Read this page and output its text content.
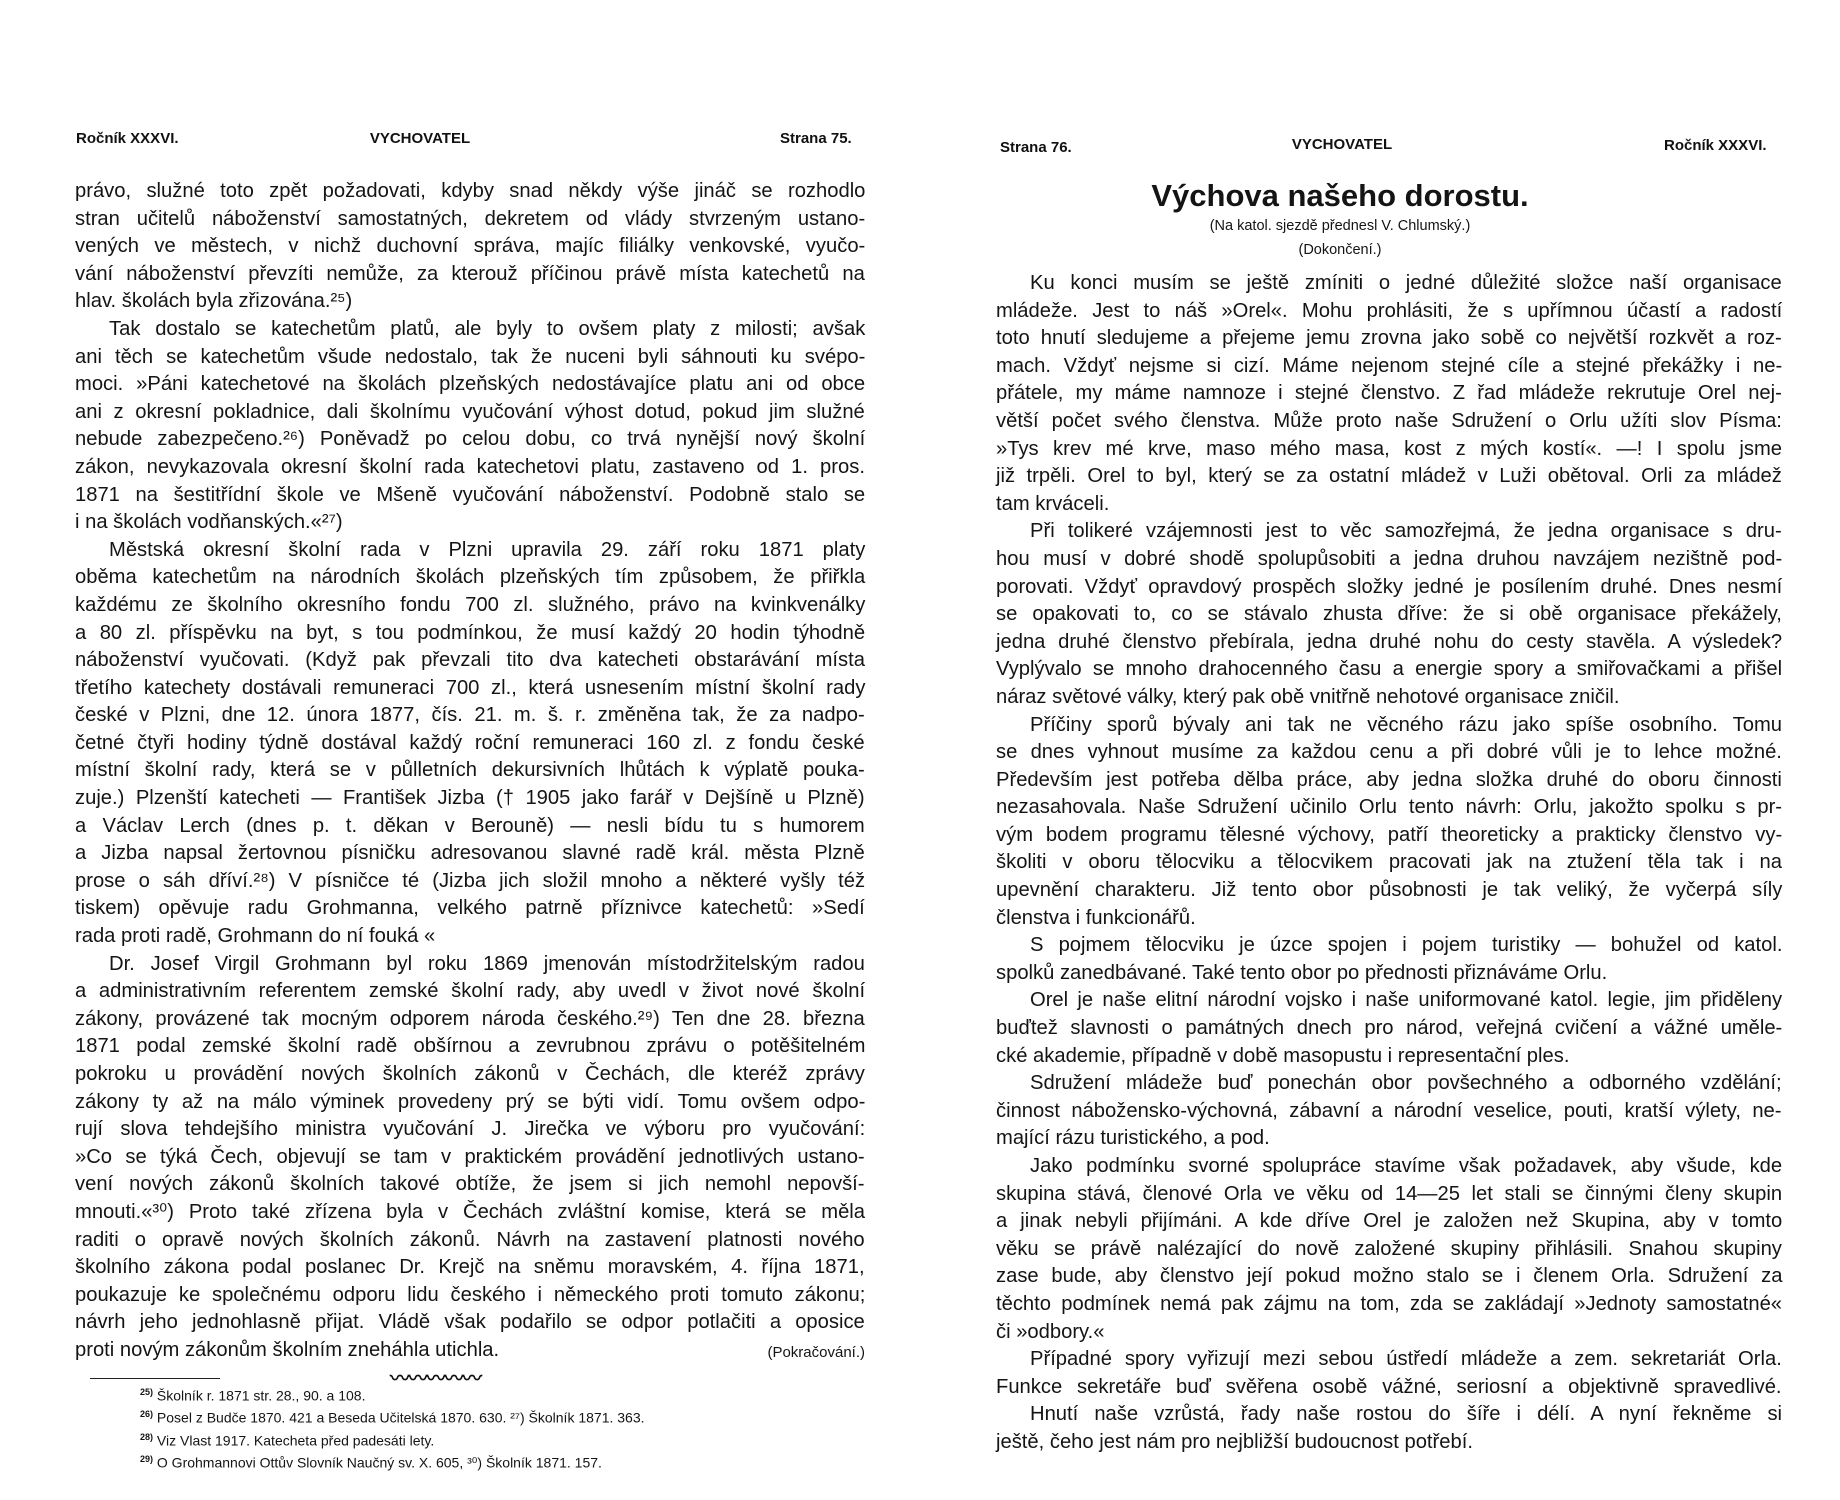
Ročník XXXVI.	VYCHOVATEL	Strana 75.
právo, služné toto zpět požadovati, kdyby snad někdy výše jináč se rozhodlo
stran učitelů náboženství samostatných, dekretem od vlády stvrzeným ustano-
vených ve městech, v nichž duchovní správa, majíc filiálky venkovské, vyučo-
vání náboženství převzíti nemůže, za kterouž příčinou právě místa katechetů na
hlav. školách byla zřizována.²⁵)
Tak dostalo se katechetům platů, ale byly to ovšem platy z milosti; avšak
ani těch se katechetům všude nedostalo, tak že nuceni byli sáhnouti ku svépo-
moci. »Páni katechetové na školách plzeňských nedostávajíce platu ani od obce
ani z okresní pokladnice, dali školnímu vyučování výhost dotud, pokud jim služné
nebude zabezpečeno.²⁶) Poněvadž po celou dobu, co trvá nynější nový školní
zákon, nevykazovala okresní školní rada katechetovi platu, zastaveno od 1. pros.
1871 na šestitřídní škole ve Mšeně vyučování náboženství. Podobně stalo se
i na školách vodňanských.«²⁷)
Městská okresní školní rada v Plzni upravila 29. září roku 1871 platy
oběma katechetům na národních školách plzeňských tím způsobem, že přiřkla
každému ze školního okresního fondu 700 zl. služného, právo na kvinkvenálky
a 80 zl. příspěvku na byt, s tou podmínkou, že musí každý 20 hodin týhodně
náboženství vyučovati. (Když pak převzali tito dva katecheti obstarávání místa
třetího katechety dostávali remuneraci 700 zl., která usnesením místní školní rady
české v Plzni, dne 12. února 1877, čís. 21. m. š. r. změněna tak, že za nadpo-
četné čtyři hodiny týdně dostával každý roční remuneraci 160 zl. z fondu české
místní školní rady, která se v půlletních dekursivních lhůtách k výplatě pouka-
zuje.) Plzenští katecheti — František Jizba († 1905 jako farář v Dejšíně u Plzně)
a Václav Lerch (dnes p. t. děkan v Berouně) — nesli bídu tu s humorem
a Jizba napsal žertovnou písničku adresovanou slavné radě král. města Plzně
prose o sáh dříví.²⁸) V písničce té (Jizba jich složil mnoho a některé vyšly též
tiskem) opěvuje radu Grohmanna, velkého patrně příznivce katechetů: »Sedí
rada proti radě, Grohmann do ní fouká «
Dr. Josef Virgil Grohmann byl roku 1869 jmenován místodržitelským radou
a administrativním referentem zemské školní rady, aby uvedl v život nové školní
zákony, provázené tak mocným odporem národa českého.²⁹) Ten dne 28. března
1871 podal zemské školní radě obšírnou a zevrubnou zprávu o potěšitelném
pokroku u provádění nových školních zákonů v Čechách, dle kteréž zprávy
zákony ty až na málo výminek provedeny prý se býti vidí. Tomu ovšem odpo-
rují slova tehdejšího ministra vyučování J. Jirečka ve výboru pro vyučování:
»Co se týká Čech, objevují se tam v praktickém provádění jednotlivých ustano-
vení nových zákonů školních takové obtíže, že jsem si jich nemohl nepovší-
mnouti.«³⁰) Proto také zřízena byla v Čechách zvláštní komise, která se měla
raditi o opravě nových školních zákonů. Návrh na zastavení platnosti nového
školního zákona podal poslanec Dr. Krejč na sněmu moravském, 4. října 1871,
poukazuje ke společnému odporu lidu českého i německého proti tomuto zákonu;
návrh jeho jednohlasně přijat. Vládě však podařilo se odpor potlačiti a oposice
proti novým zákonům školním zneháhla utichla.	(Pokračování.)
〰〰〰〰〰
$^{25)}$ Školník r. 1871 str. 28., 90. a 108.
$^{26)}$ Posel z Budče 1870. 421 a Beseda Učitelská 1870. 630. ²⁷) Školník 1871. 363.
$^{28)}$ Viz Vlast 1917. Katecheta před padesáti lety.
$^{29)}$ O Grohmannovi Ottův Slovník Naučný sv. X. 605, ³⁰) Školník 1871. 157.
Strana 76.	VYCHOVATEL	Ročník XXXVI.
Výchova našeho dorostu.
(Na katol. sjezdě přednesl V. Chlumský.)
(Dokončení.)
Ku konci musím se ještě zmíniti o jedné důležité složce naší organisace
mládeže. Jest to náš »Orel«. Mohu prohlásiti, že s upřímnou účastí a radostí
toto hnutí sledujeme a přejeme jemu zrovna jako sobě co největší rozkvět a roz-
mach. Vždyť nejsme si cizí. Máme nejenom stejné cíle a stejné překážky i ne-
přátele, my máme namnoze i stejné členstvo. Z řad mládeže rekrutuje Orel nej-
větší počet svého členstva. Může proto naše Sdružení o Orlu užíti slov Písma:
»Tys krev mé krve, maso mého masa, kost z mých kostí«. —! I spolu jsme
již trpěli. Orel to byl, který se za ostatní mládež v Luži obětoval. Orli za mládež
tam krváceli.
Při tolikeré vzájemnosti jest to věc samozřejmá, že jedna organisace s dru-
hou musí v dobré shodě spolupůsobiti a jedna druhou navzájem nezištně pod-
porovati. Vždyť opravdový prospěch složky jedné je posílením druhé. Dnes nesmí
se opakovati to, co se stávalo zhusta dříve: že si obě organisace překážely,
jedna druhé členstvo přebírala, jedna druhé nohu do cesty stavěla. A výsledek?
Vyplývalo se mnoho drahocenného času a energie spory a smiřovačkami a přišel
náraz světové války, který pak obě vnitřně nehotové organisace zničil.
Příčiny sporů bývaly ani tak ne věcného rázu jako spíše osobního. Tomu
se dnes vyhnout musíme za každou cenu a při dobré vůli je to lehce možné.
Především jest potřeba dělba práce, aby jedna složka druhé do oboru činnosti
nezasahovala. Naše Sdružení učinilo Orlu tento návrh: Orlu, jakožto spolku s pr-
vým bodem programu tělesné výchovy, patří theoreticky a prakticky členstvo vy-
školiti v oboru tělocviku a tělocvikem pracovati jak na ztužení těla tak i na
upevnění charakteru. Již tento obor působnosti je tak veliký, že vyčerpá síly
členstva i funkcionářů.
S pojmem tělocviku je úzce spojen i pojem turistiky — bohužel od katol.
spolků zanedbávané. Také tento obor po přednosti přiznáváme Orlu.
Orel je naše elitní národní vojsko i naše uniformované katol. legie, jim přiděleny
buďtež slavnosti o památných dnech pro národ, veřejná cvičení a vážné uměle-
cké akademie, případně v době masopustu i representační ples.
Sdružení mládeže buď ponechán obor povšechného a odborného vzdělání;
činnost nábožensko-výchovná, zábavní a národní veselice, pouti, kratší výlety, ne-
mající rázu turistického, a pod.
Jako podmínku svorné spolupráce stavíme však požadavek, aby všude, kde
skupina stává, členové Orla ve věku od 14—25 let stali se činnými členy skupin
a jinak nebyli přijímáni. A kde dříve Orel je založen než Skupina, aby v tomto
věku se právě nalézající do nově založené skupiny přihlásili. Snahou skupiny
zase bude, aby členstvo její pokud možno stalo se i členem Orla. Sdružení za
těchto podmínek nemá pak zájmu na tom, zda se zakládají »Jednoty samostatné«
či »odbory.«
Případné spory vyřizují mezi sebou ústředí mládeže a zem. sekretariát Orla.
Funkce sekretáře buď svěřena osobě vážné, seriosní a objektivně spravedlivé.
Hnutí naše vzrůstá, řady naše rostou do šíře i délí. A nyní řekněme si
ještě, čeho jest nám pro nejbližší budoucnost potřebí.
